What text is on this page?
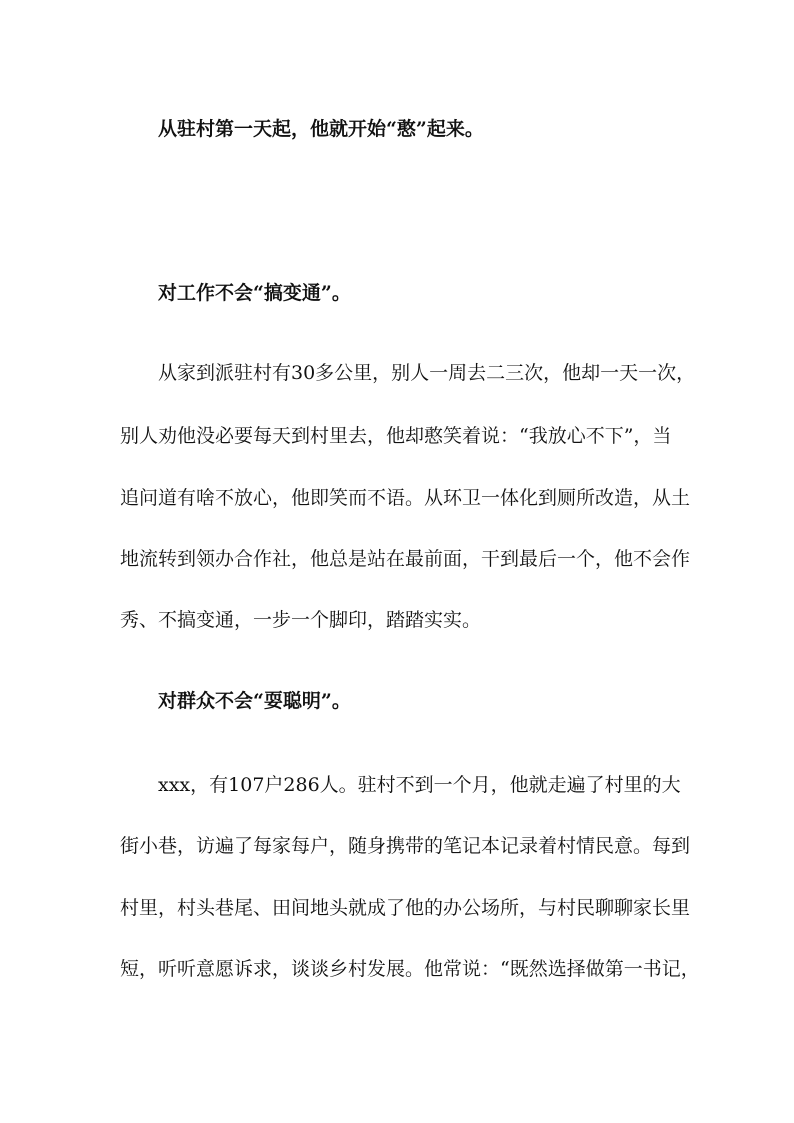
从驻村第一天起，他就开始“憨”起来。
对工作不会“搞变通”。
从家到派驻村有30多公里，别人一周去二三次，他却一天一次，
别人劝他没必要每天到村里去，他却憨笑着说：“我放心不下”，当
追问道有啥不放心，他即笑而不语。从环卫一体化到厕所改造，从土
地流转到领办合作社，他总是站在最前面，干到最后一个，他不会作
秀、不搞变通，一步一个脚印，踏踏实实。
对群众不会“耍聪明”。
xxx，有107户286人。驻村不到一个月，他就走遍了村里的大
街小巷，访遍了每家每户，随身携带的笔记本记录着村情民意。每到
村里，村头巷尾、田间地头就成了他的办公场所，与村民聊聊家长里
短，听听意愿诉求，谈谈乡村发展。他常说：“既然选择做第一书记，
